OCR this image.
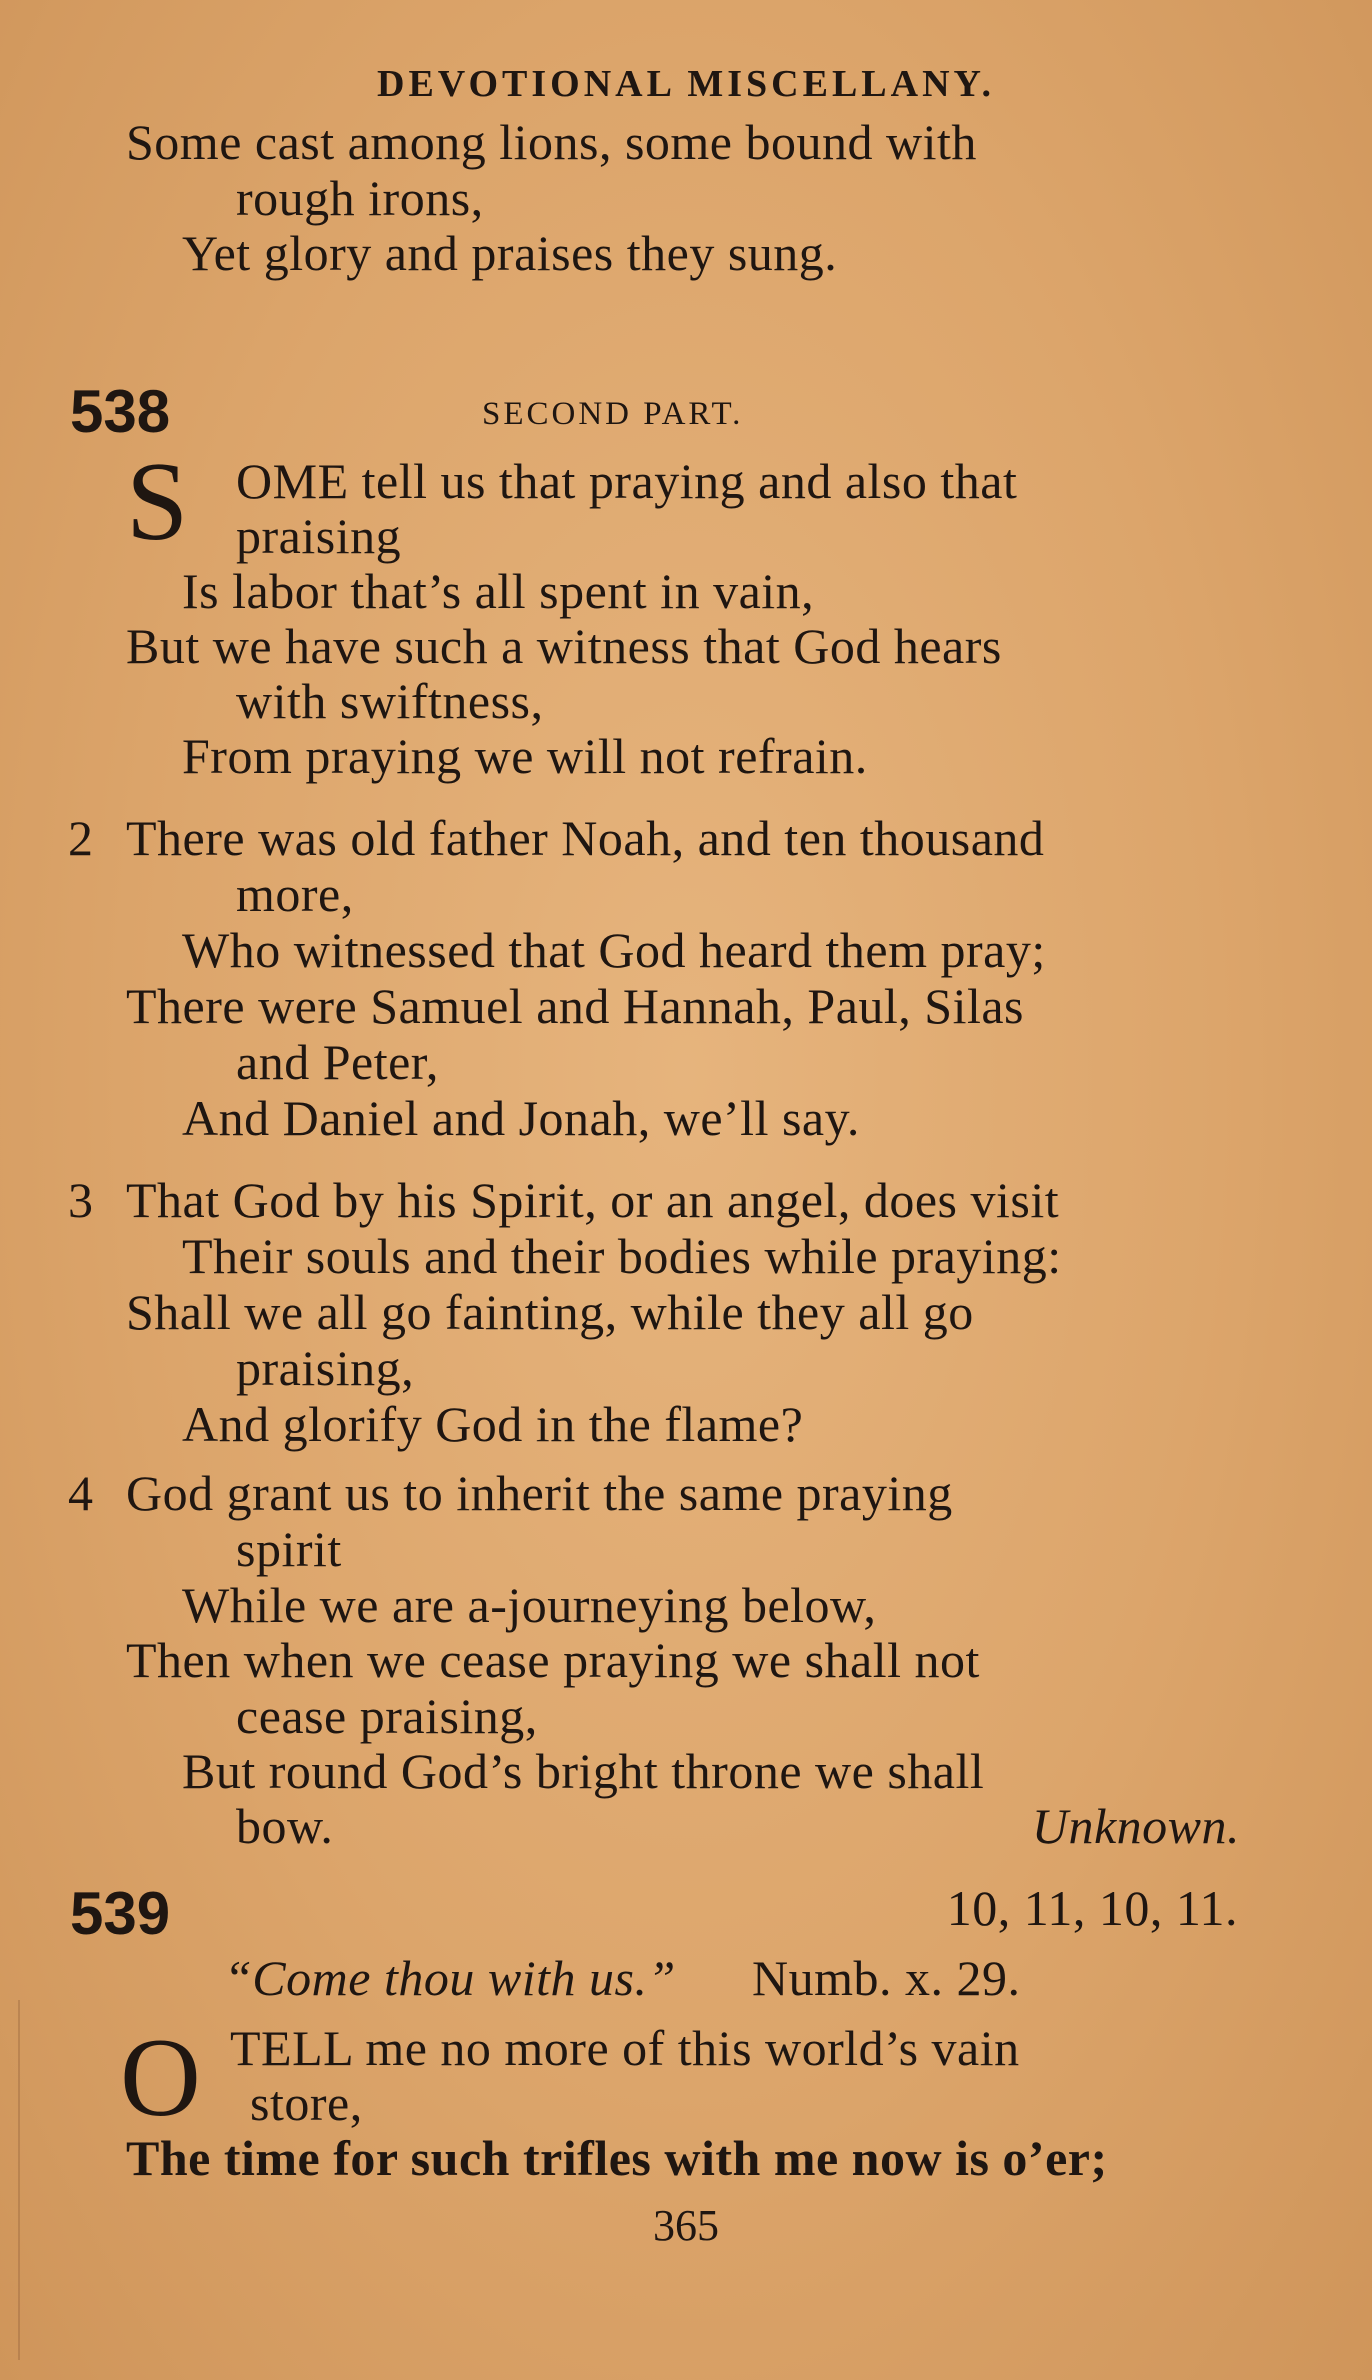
DEVOTIONAL MISCELLANY.
Some cast among lions, some bound with
rough irons,
Yet glory and praises they sung.
538	SECOND PART.
S OME tell us that praying and also that
praising
Is labor that’s all spent in vain,
But we have such a witness that God hears
with swiftness,
From praying we will not refrain.
2 There was old father Noah, and ten thousand
more,
Who witnessed that God heard them pray;
There were Samuel and Hannah, Paul, Silas
and Peter,
And Daniel and Jonah, we’ll say.
3 That God by his Spirit, or an angel, does visit
Their souls and their bodies while praying:
Shall we all go fainting, while they all go
praising,
And glorify God in the flame?
4 God grant us to inherit the same praying
spirit
While we are a-journeying below,
Then when we cease praying we shall not
cease praising,
But round God’s bright throne we shall
bow.	Unknown.
539	10, 11, 10, 11.
“Come thou with us.” Numb. x. 29.
O TELL me no more of this world’s vain
store,
The time for such trifles with me now is o’er;
365
